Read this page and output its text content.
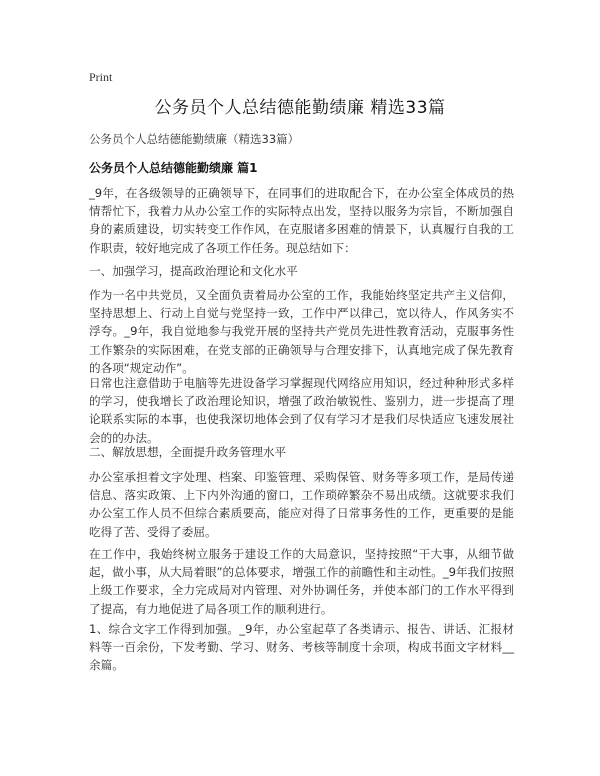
Print
公务员个人总结德能勤绩廉 精选33篇
公务员个人总结德能勤绩廉（精选33篇）
公务员个人总结德能勤绩廉 篇1

_9年，在各级领导的正确领导下，在同事们的进取配合下，在办公室全体成员的热情帮忙下，我着力从办公室工作的实际特点出发，坚持以服务为宗旨，不断加强自身的素质建设，切实转变工作作风，在克服诸多困难的情景下，认真履行自我的工作职责，较好地完成了各项工作任务。现总结如下：

一、加强学习，提高政治理论和文化水平

作为一名中共党员，又全面负责着局办公室的工作，我能始终坚定共产主义信仰，坚持思想上、行动上自觉与党坚持一致，工作中严以律己，宽以待人，作风务实不浮夸。_9年，我自觉地参与我党开展的坚持共产党员先进性教育活动，克服事务性工作繁杂的实际困难，在党支部的正确领导与合理安排下，认真地完成了保先教育的各项“规定动作”。

日常也注意借助于电脑等先进设备学习掌握现代网络应用知识，经过种种形式多样的学习，使我增长了政治理论知识，增强了政治敏锐性、鉴别力，进一步提高了理论联系实际的本事，也使我深切地体会到了仅有学习才是我们尽快适应飞速发展社会的的办法。

二、解放思想，全面提升政务管理水平

办公室承担着文字处理、档案、印鉴管理、采购保管、财务等多项工作，是局传递信息、落实政策、上下内外沟通的窗口，工作琐碎繁杂不易出成绩。这就要求我们办公室工作人员不但综合素质要高，能应对得了日常事务性的工作，更重要的是能吃得了苦、受得了委屈。

在工作中，我始终树立服务于建设工作的大局意识，坚持按照“干大事，从细节做起，做小事，从大局着眼”的总体要求，增强工作的前瞻性和主动性。_9年我们按照上级工作要求，全力完成局对内管理、对外协调任务，并使本部门的工作水平得到了提高，有力地促进了局各项工作的顺利进行。

1、综合文字工作得到加强。_9年，办公室起草了各类请示、报告、讲话、汇报材料等一百余份，下发考勤、学习、财务、考核等制度十余项，构成书面文字材料__余篇。
